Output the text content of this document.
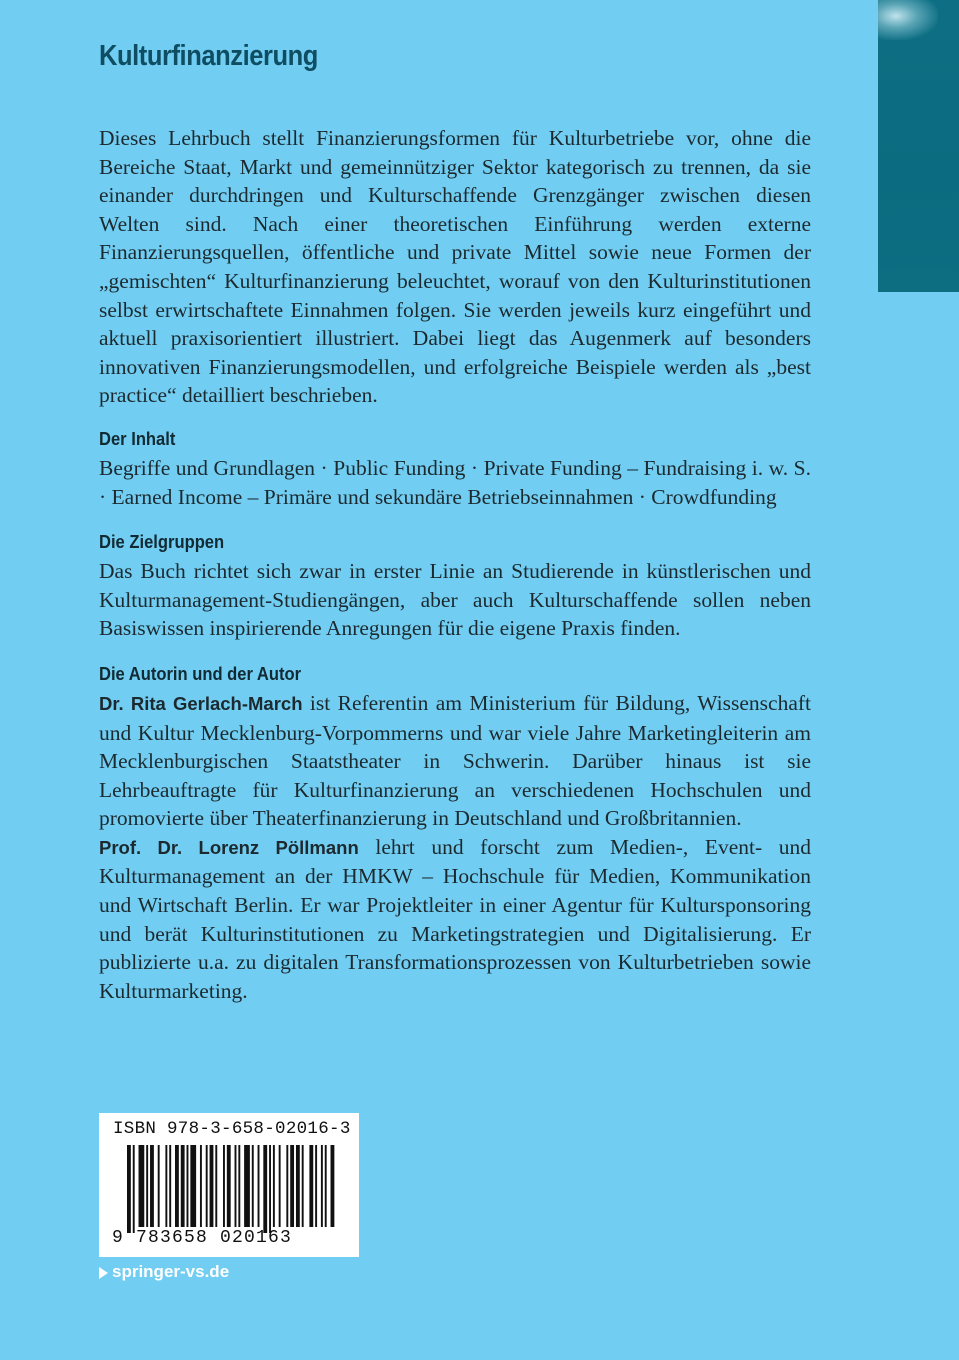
Kulturfinanzierung

Dieses Lehrbuch stellt Finanzierungsformen für Kulturbetriebe vor, ohne die Bereiche Staat, Markt und gemeinnütziger Sektor kategorisch zu trennen, da sie einander durchdringen und Kulturschaffende Grenzgänger zwischen diesen Welten sind. Nach einer theoretischen Einführung werden externe Finanzierungsquellen, öffentliche und private Mittel sowie neue Formen der „gemischten“ Kulturfinanzierung beleuchtet, worauf von den Kulturinstitutionen selbst erwirtschaftete Einnahmen folgen. Sie werden jeweils kurz eingeführt und aktuell praxisorientiert illustriert. Dabei liegt das Augenmerk auf besonders innovativen Finanzierungsmodellen, und erfolgreiche Beispiele werden als „best practice“ detailliert beschrieben.

Der Inhalt

Begriffe und Grundlagen · Public Funding · Private Funding – Fundraising i. w. S. · Earned Income – Primäre und sekundäre Betriebseinnahmen · Crowdfunding

Die Zielgruppen

Das Buch richtet sich zwar in erster Linie an Studierende in künstlerischen und Kulturmanagement-Studiengängen, aber auch Kulturschaffende sollen neben Basiswissen inspirierende Anregungen für die eigene Praxis finden.

Die Autorin und der Autor

Dr. Rita Gerlach-March ist Referentin am Ministerium für Bildung, Wissenschaft und Kultur Mecklenburg-Vorpommerns und war viele Jahre Marketingleiterin am Mecklenburgischen Staatstheater in Schwerin. Darüber hinaus ist sie Lehrbeauftragte für Kulturfinanzierung an verschiedenen Hochschulen und promovierte über Theaterfinanzierung in Deutschland und Großbritannien.

Prof. Dr. Lorenz Pöllmann lehrt und forscht zum Medien-, Event- und Kulturmanagement an der HMKW – Hochschule für Medien, Kommunikation und Wirtschaft Berlin. Er war Projektleiter in einer Agentur für Kultursponsoring und berät Kulturinstitutionen zu Marketingstrategien und Digitalisierung. Er publizierte u.a. zu digitalen Transformationsprozessen von Kulturbetrieben sowie Kulturmarketing.

ISBN 978-3-658-02016-3
9 783658 020163
springer-vs.de
